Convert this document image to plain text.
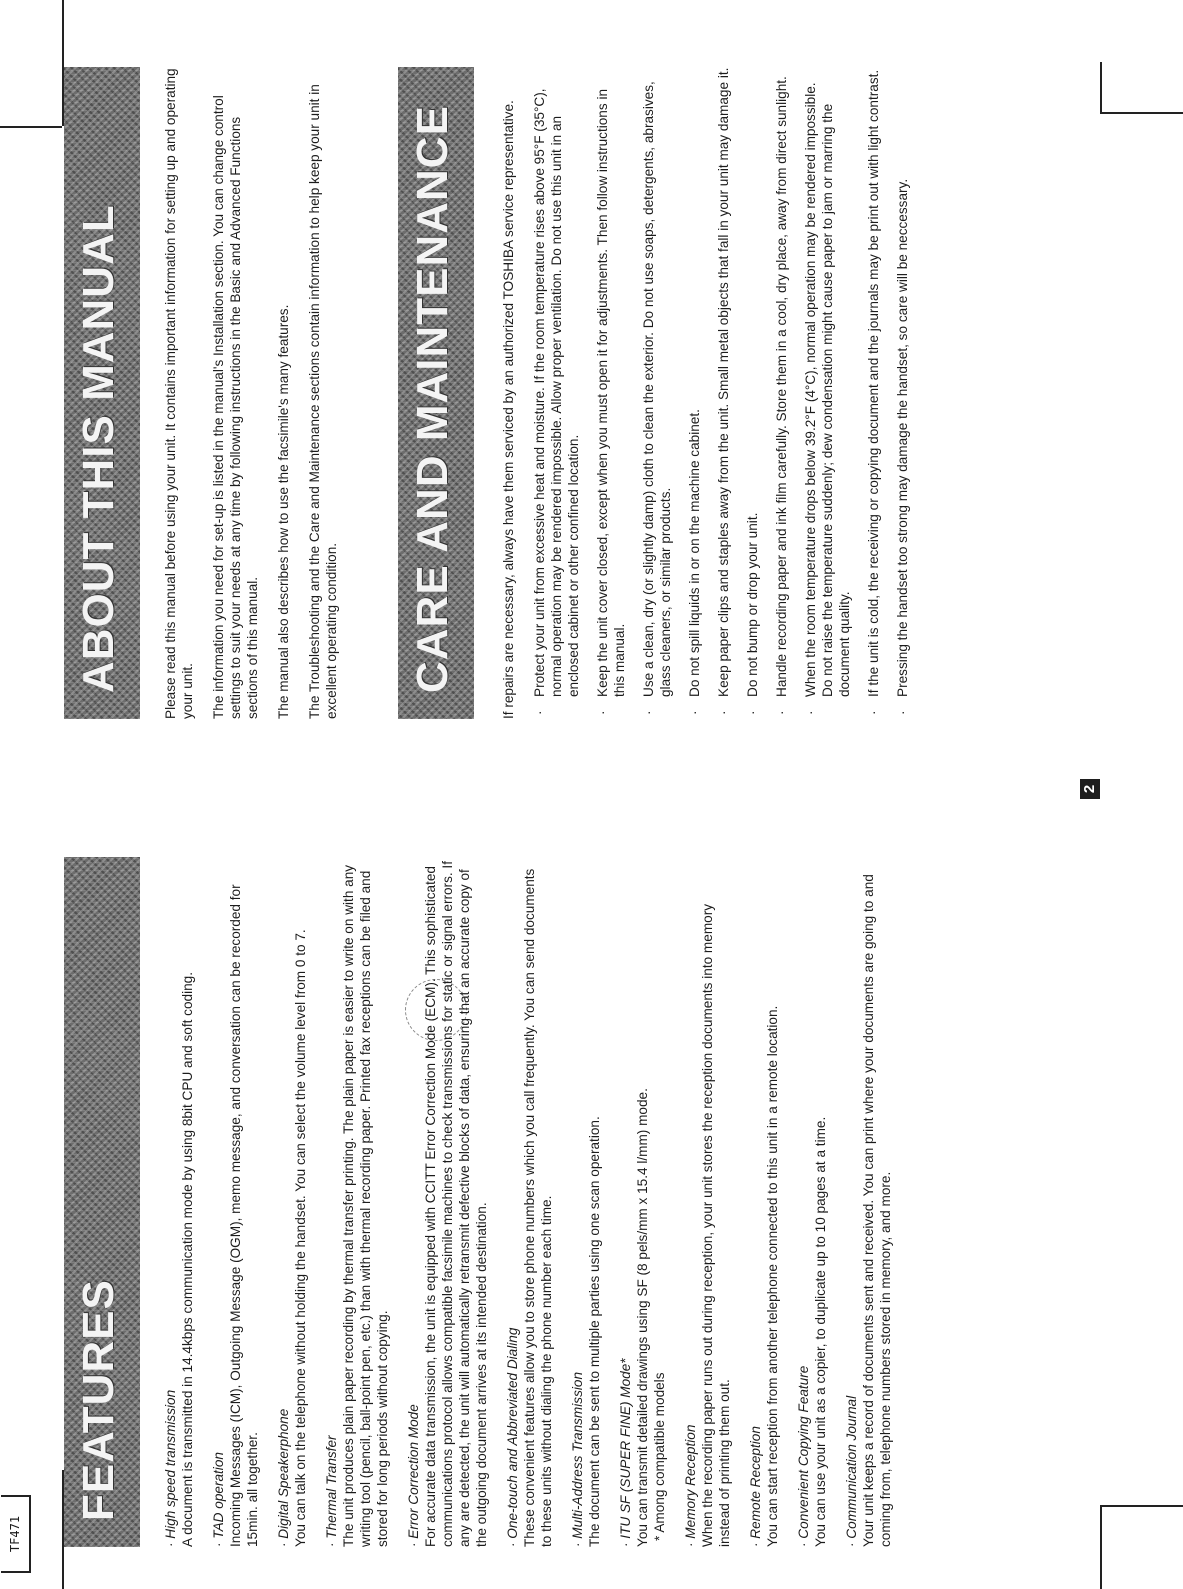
TF471
FEATURES
· High speed transmission A document is transmitted in 14.4kbps communication mode by using 8bit CPU and soft coding. · TAD operation Incoming Messages (ICM), Outgoing Message (OGM), memo message, and conversation can be recorded for 15min. all together. · Digital Speakerphone You can talk on the telephone without holding the handset. You can select the volume level from 0 to 7. · Thermal Transfer The unit produces plain paper recording by thermal transfer printing. The plain paper is easier to write on with any writing tool (pencil, ball-point pen, etc.) than with thermal recording paper. Printed fax receptions can be filed and stored for long periods without copying. · Error Correction Mode For accurate data transmission, the unit is equipped with CCITT Error Correction Mode (ECM). This sophisticated communications protocol allows compatible facsimile machines to check transmissions for static or signal errors. If any are detected, the unit will automatically retransmit defective blocks of data, ensuring that an accurate copy of the outgoing document arrives at its intended destination. · One-touch and Abbreviated Dialing These convenient features allow you to store phone numbers which you call frequently. You can send documents to these units without dialing the phone number each time. · Multi-Address Transmission The document can be sent to multiple parties using one scan operation. · ITU SF (SUPER FINE) Mode* You can transmit detailed drawings using SF (8 pels/mm x 15.4 l/mm) mode. * Among compatible models

· Memory Reception When the recording paper runs out during reception, your unit stores the reception documents into memory instead of printing them out. · Remote Reception You can start reception from another telephone connected to this unit in a remote location. · Convenient Copying Feature You can use your unit as a copier, to duplicate up to 10 pages at a time. · Communication Journal Your unit keeps a record of documents sent and received. You can print where your documents are going to and coming from, telephone numbers stored in memory, and more.

2
ABOUT THIS MANUAL	Please read this manual before using your unit. It contains important information for setting up and operating your unit. The information you need for set-up is listed in the manual's Installation section. You can change control settings to suit your needs at any time by following instructions in the Basic and Advanced Functions sections of this manual. The manual also describes how to use the facsimile's many features. The Troubleshooting and the Care and Maintenance sections contain information to help keep your unit in excellent operating condition. CARE AND MAINTENANCE	If repairs are necessary, always have them serviced by an authorized TOSHIBA service representative. · Protect your unit from excessive heat and moisture. If the room temperature rises above 95°F (35°C), normal operation may be rendered impossible. Allow proper ventilation. Do not use this unit in an enclosed cabinet or other confined location. · Keep the unit cover closed, except when you must open it for adjustments. Then follow instructions in this manual. · Use a clean, dry (or slightly damp) cloth to clean the exterior. Do not use soaps, detergents, abrasives, glass cleaners, or similar products. · Do not spill liquids in or on the machine cabinet. · Keep paper clips and staples away from the unit. Small metal objects that fall in your unit may damage it. · Do not bump or drop your unit. · Handle recording paper and ink film carefully. Store them in a cool, dry place, away from direct sunlight. · When the room temperature drops below 39.2°F (4°C), normal operation may be rendered impossible. Do not raise the temperature suddenly; dew condensation might cause paper to jam or marring the document quality. · If the unit is cold, the receiving or copying document and the journals may be print out with light contrast. · Pressing the handset too strong may damage the handset, so care will be neccessary.
